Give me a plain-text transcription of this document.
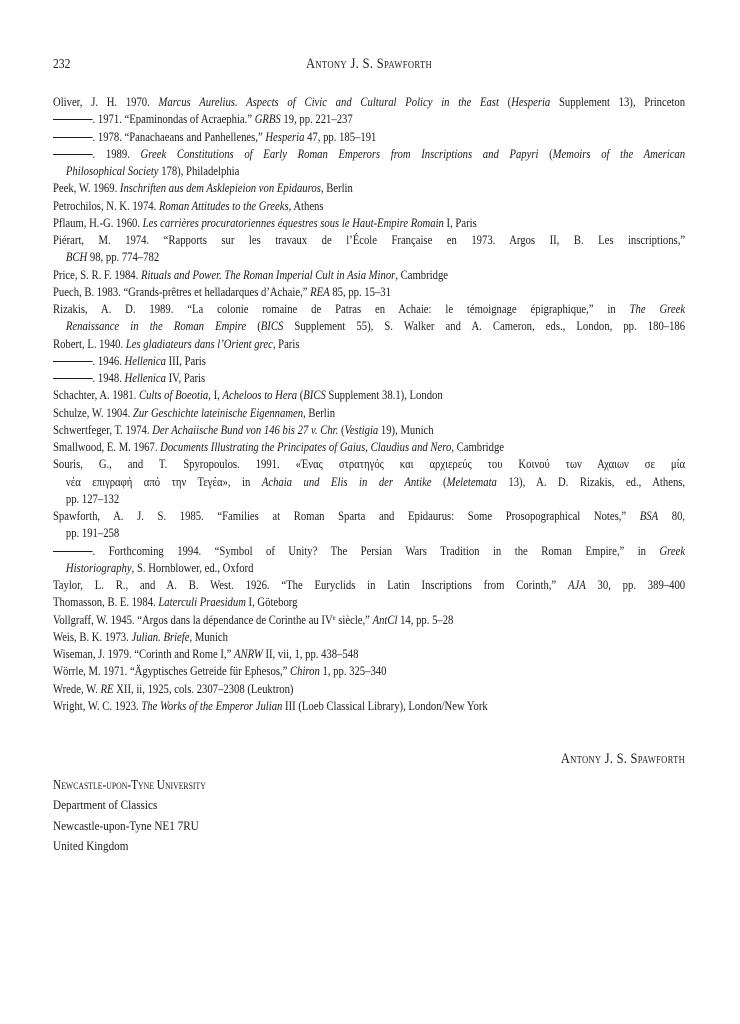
232	Antony J. S. Spawforth
Oliver, J. H. 1970. Marcus Aurelius. Aspects of Civic and Cultural Policy in the East (Hesperia Supplement 13), Princeton
. 1971. “Epaminondas of Acraephia.” GRBS 19, pp. 221–237
. 1978. “Panachaeans and Panhellenes,” Hesperia 47, pp. 185–191
. 1989. Greek Constitutions of Early Roman Emperors from Inscriptions and Papyri (Memoirs of the American
Philosophical Society 178), Philadelphia
Peek, W. 1969. Inschriften aus dem Asklepieion von Epidauros, Berlin
Petrochilos, N. K. 1974. Roman Attitudes to the Greeks, Athens
Pflaum, H.-G. 1960. Les carrières procuratoriennes équestres sous le Haut-Empire Romain I, Paris
Piérart, M. 1974. “Rapports sur les travaux de l’École Française en 1973. Argos II, B. Les inscriptions,”
BCH 98, pp. 774–782
Price, S. R. F. 1984. Rituals and Power. The Roman Imperial Cult in Asia Minor, Cambridge
Puech, B. 1983. “Grands-prêtres et helladarques d’Achaie,” REA 85, pp. 15–31
Rizakis, A. D. 1989. “La colonie romaine de Patras en Achaie: le témoignage épigraphique,” in The Greek
Renaissance in the Roman Empire (BICS Supplement 55), S. Walker and A. Cameron, eds., London, pp. 180–186
Robert, L. 1940. Les gladiateurs dans l’Orient grec, Paris
. 1946. Hellenica III, Paris
. 1948. Hellenica IV, Paris
Schachter, A. 1981. Cults of Boeotia, I, Acheloos to Hera (BICS Supplement 38.1), London
Schulze, W. 1904. Zur Geschichte lateinische Eigennamen, Berlin
Schwertfeger, T. 1974. Der Achaiische Bund von 146 bis 27 v. Chr. (Vestigia 19), Munich
Smallwood, E. M. 1967. Documents Illustrating the Principates of Gaius, Claudius and Nero, Cambridge
Souris, G., and T. Spyropoulos. 1991. «Ένας στρατηγός και αρχιερεύς του Κοινού των Αχαιων σε μία
νέα επιγραφή από την Τεγέα», in Achaia und Elis in der Antike (Meletemata 13), A. D. Rizakis, ed., Athens,
pp. 127–132
Spawforth, A. J. S. 1985. “Families at Roman Sparta and Epidaurus: Some Prosopographical Notes,” BSA 80,
pp. 191–258
. Forthcoming 1994. “Symbol of Unity? The Persian Wars Tradition in the Roman Empire,” in Greek
Historiography, S. Hornblower, ed., Oxford
Taylor, L. R., and A. B. West. 1926. “The Euryclids in Latin Inscriptions from Corinth,” AJA 30, pp. 389–400
Thomasson, B. E. 1984. Laterculi Praesidum I, Göteborg
Vollgraff, W. 1945. “Argos dans la dépendance de Corinthe au IVe siècle,” AntCl 14, pp. 5–28
Weis, B. K. 1973. Julian. Briefe, Munich
Wiseman, J. 1979. “Corinth and Rome I,” ANRW II, vii, 1, pp. 438–548
Wörrle, M. 1971. “Ägyptisches Getreide für Ephesos,” Chiron 1, pp. 325–340
Wrede, W. RE XII, ii, 1925, cols. 2307–2308 (Leuktron)
Wright, W. C. 1923. The Works of the Emperor Julian III (Loeb Classical Library), London/New York
Antony J. S. Spawforth
Newcastle-upon-Tyne University
Department of Classics
Newcastle-upon-Tyne NE1 7RU
United Kingdom
